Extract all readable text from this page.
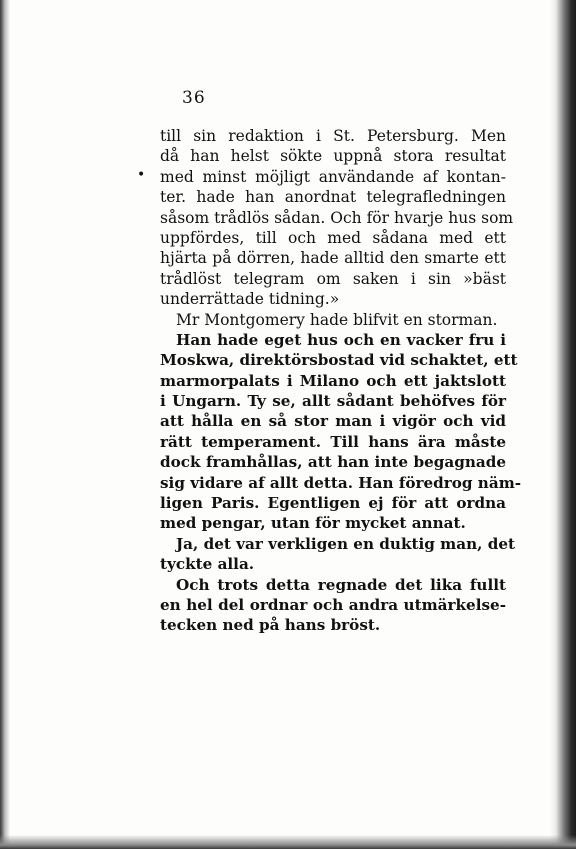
36
•
till sin redaktion i St. Petersburg. Men
då han helst sökte uppnå stora resultat
med minst möjligt användande af kontan-
ter. hade han anordnat telegrafledningen
såsom trådlös sådan. Och för hvarje hus som
uppfördes, till och med sådana med ett
hjärta på dörren, hade alltid den smarte ett
trådlöst telegram om saken i sin »bäst
underrättade tidning.»
Mr Montgomery hade blifvit en storman.
Han hade eget hus och en vacker fru i
Moskwa, direktörsbostad vid schaktet, ett
marmorpalats i Milano och ett jaktslott
i Ungarn. Ty se, allt sådant behöfves för
att hålla en så stor man i vigör och vid
rätt temperament. Till hans ära måste
dock framhållas, att han inte begagnade
sig vidare af allt detta. Han föredrog näm-
ligen Paris. Egentligen ej för att ordna
med pengar, utan för mycket annat.
Ja, det var verkligen en duktig man, det
tyckte alla.
Och trots detta regnade det lika fullt
en hel del ordnar och andra utmärkelse-
tecken ned på hans bröst.
